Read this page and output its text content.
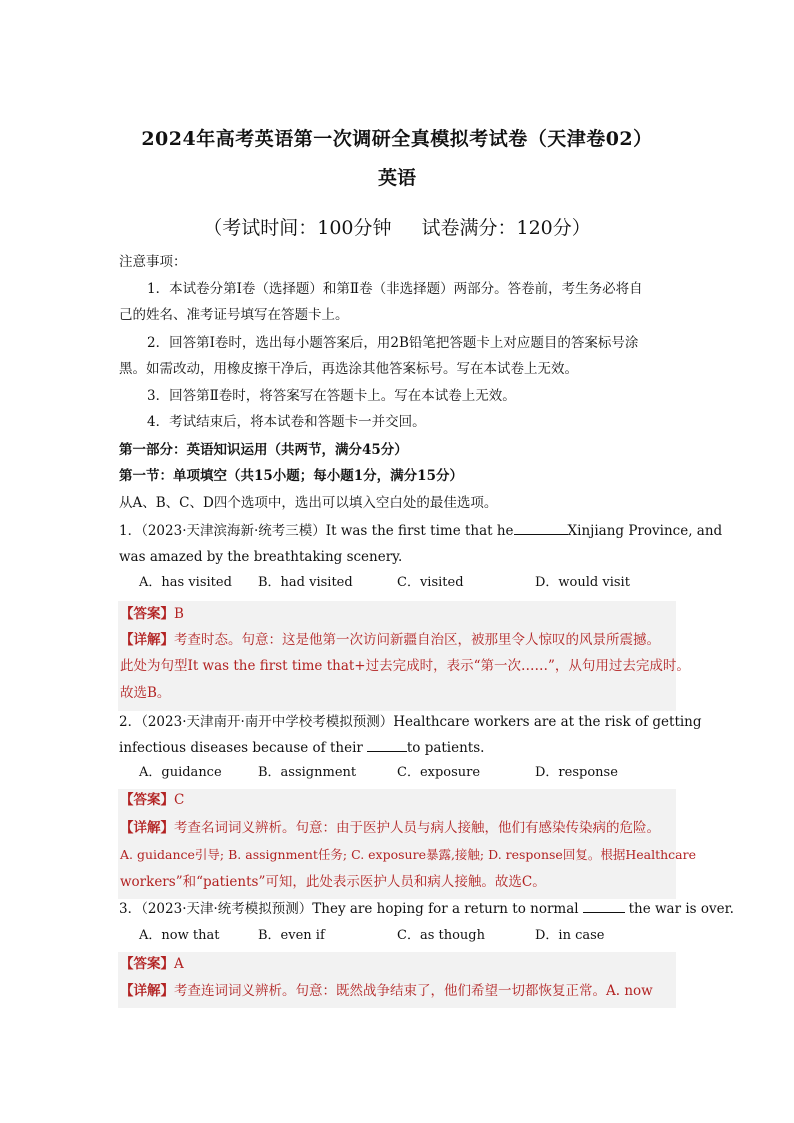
2024年高考英语第一次调研全真模拟考试卷（天津卷02）
英语
（考试时间：100分钟 试卷满分：120分）
注意事项：
1．本试卷分第Ⅰ卷（选择题）和第Ⅱ卷（非选择题）两部分。答卷前，考生务必将自
己的姓名、准考证号填写在答题卡上。
2．回答第Ⅰ卷时，选出每小题答案后，用2B铅笔把答题卡上对应题目的答案标号涂
黑。如需改动，用橡皮擦干净后，再选涂其他答案标号。写在本试卷上无效。
3．回答第Ⅱ卷时，将答案写在答题卡上。写在本试卷上无效。
4．考试结束后，将本试卷和答题卡一并交回。
第一部分：英语知识运用（共两节，满分45分）
第一节：单项填空（共15小题；每小题1分，满分15分）
从A、B、C、D四个选项中，选出可以填入空白处的最佳选项。
1．（2023·天津滨海新·统考三模）It was the first time that he	Xinjiang Province, and
was amazed by the breathtaking scenery.
A．has visited B．had visited	C．visited	D．would visit
【答案】B
【详解】考查时态。句意：这是他第一次访问新疆自治区，被那里令人惊叹的风景所震撼。
此处为句型It was the first time that+过去完成时，表示“第一次……”，从句用过去完成时。
故选B。
2．（2023·天津南开·南开中学校考模拟预测）Healthcare workers are at the risk of getting
infectious diseases because of their	to patients.
A．guidance	B．assignment	C．exposure	D．response
【答案】C
【详解】考查名词词义辨析。句意：由于医护人员与病人接触，他们有感染传染病的危险。
A. guidance引导; B. assignment任务; C. exposure暴露,接触; D. response回复。根据Healthcare
workers”和“patients”可知，此处表示医护人员和病人接触。故选C。
3．（2023·天津·统考模拟预测）They are hoping for a return to normal	the war is over.
A．now that	B．even if	C．as though	D．in case
【答案】A
【详解】考查连词词义辨析。句意：既然战争结束了，他们希望一切都恢复正常。A. now
